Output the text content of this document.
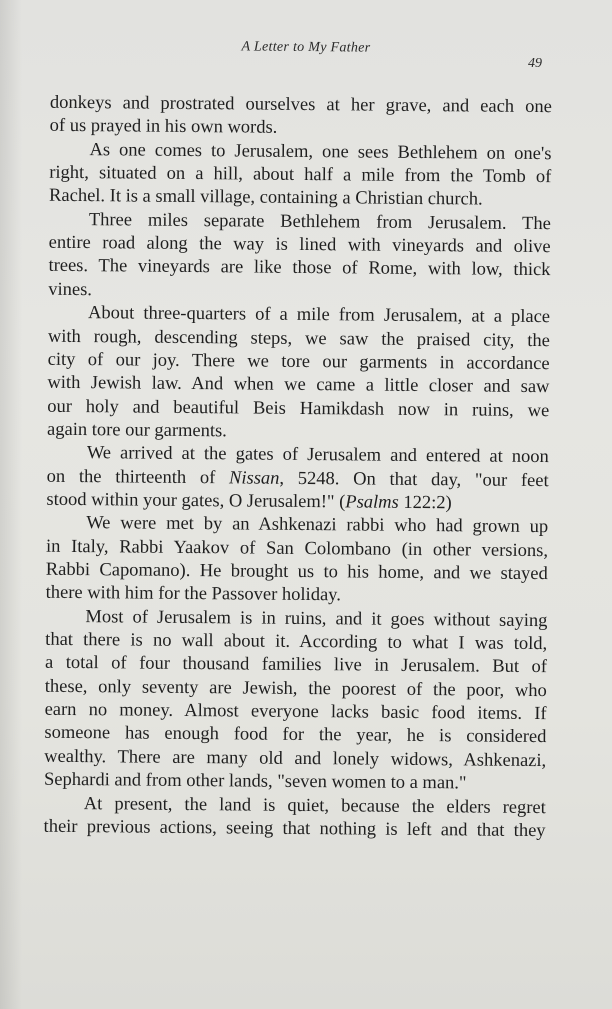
A Letter to My Father
49
donkeys and prostrated ourselves at her grave, and each one
of us prayed in his own words.
As one comes to Jerusalem, one sees Bethlehem on one's
right, situated on a hill, about half a mile from the Tomb of
Rachel. It is a small village, containing a Christian church.
Three miles separate Bethlehem from Jerusalem. The
entire road along the way is lined with vineyards and olive
trees. The vineyards are like those of Rome, with low, thick
vines.
About three-quarters of a mile from Jerusalem, at a place
with rough, descending steps, we saw the praised city, the
city of our joy. There we tore our garments in accordance
with Jewish law. And when we came a little closer and saw
our holy and beautiful Beis Hamikdash now in ruins, we
again tore our garments.
We arrived at the gates of Jerusalem and entered at noon
on the thirteenth of Nissan, 5248. On that day, "our feet
stood within your gates, O Jerusalem!" (Psalms 122:2)
We were met by an Ashkenazi rabbi who had grown up
in Italy, Rabbi Yaakov of San Colombano (in other versions,
Rabbi Capomano). He brought us to his home, and we stayed
there with him for the Passover holiday.
Most of Jerusalem is in ruins, and it goes without saying
that there is no wall about it. According to what I was told,
a total of four thousand families live in Jerusalem. But of
these, only seventy are Jewish, the poorest of the poor, who
earn no money. Almost everyone lacks basic food items. If
someone has enough food for the year, he is considered
wealthy. There are many old and lonely widows, Ashkenazi,
Sephardi and from other lands, "seven women to a man."
At present, the land is quiet, because the elders regret
their previous actions, seeing that nothing is left and that they
